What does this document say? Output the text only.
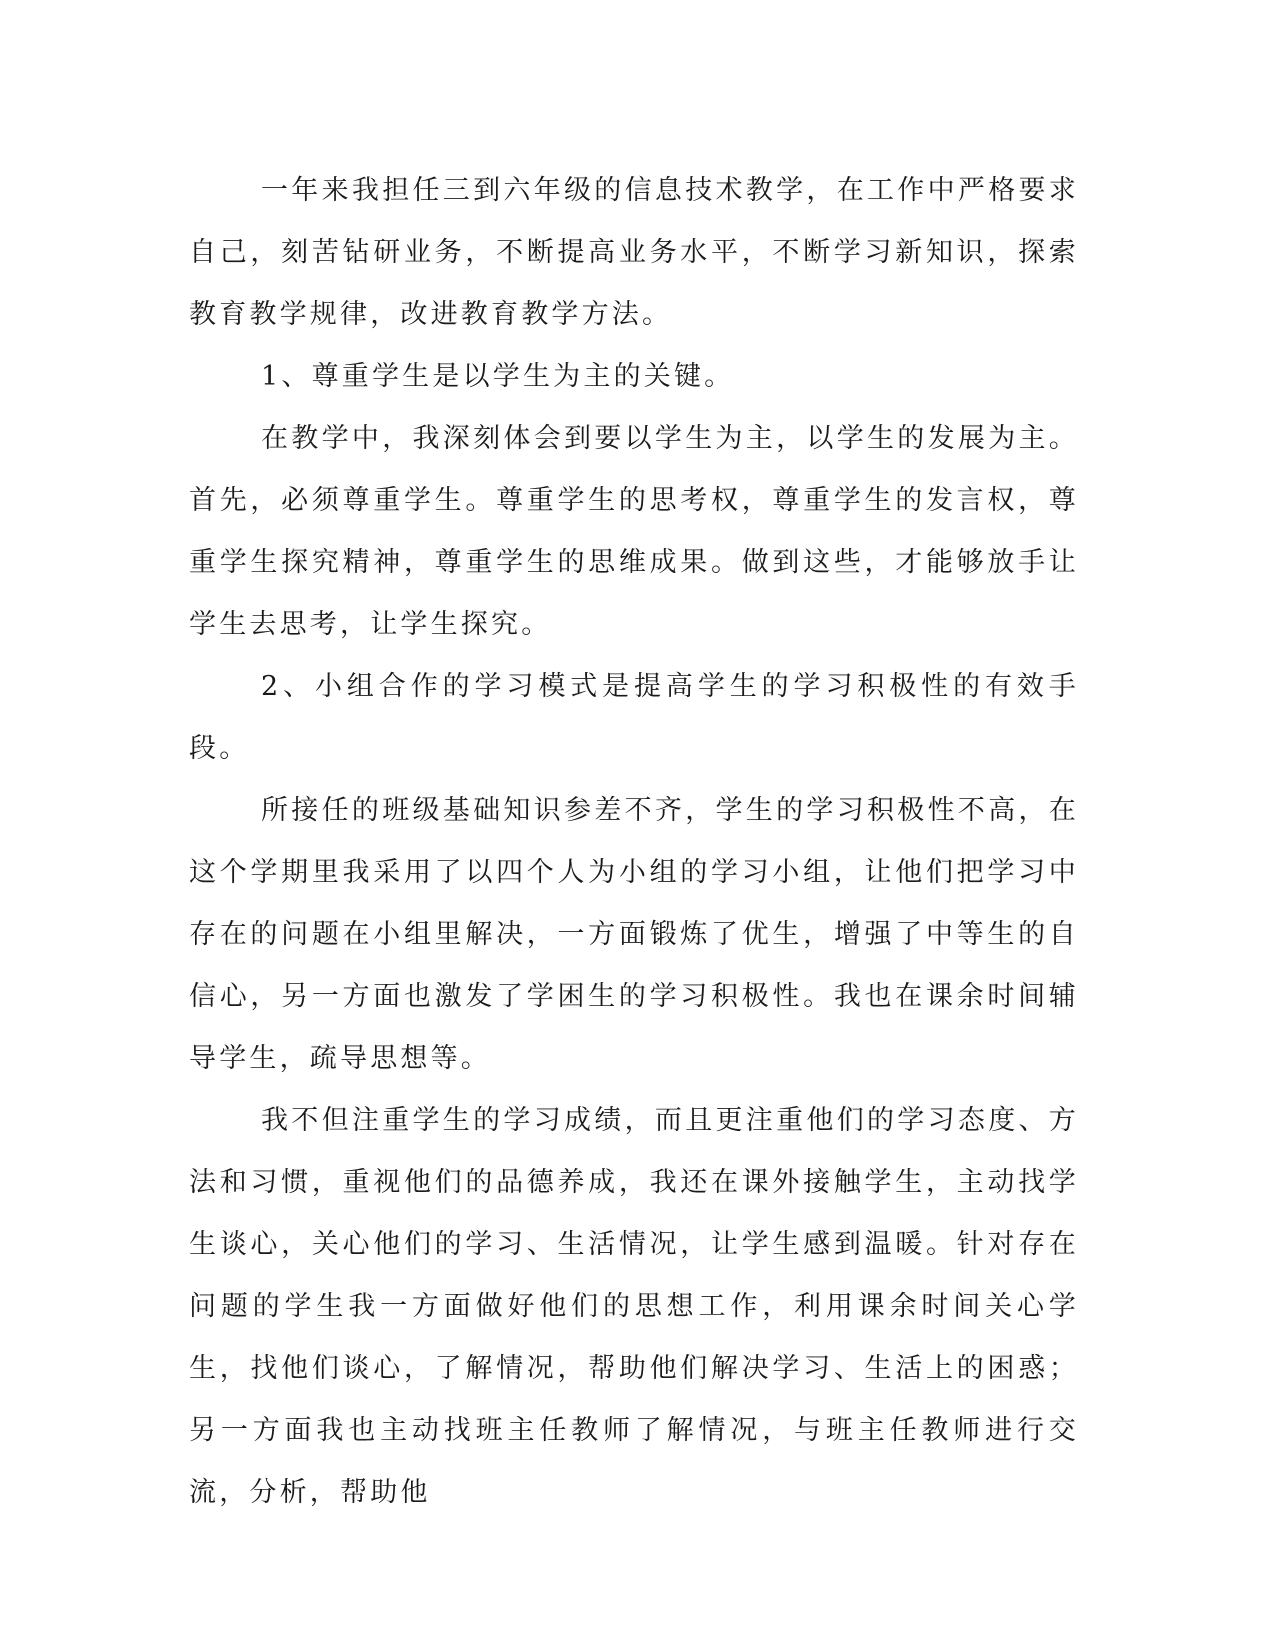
一年来我担任三到六年级的信息技术教学，在工作中严格要求自己，刻苦钻研业务，不断提高业务水平，不断学习新知识，探索教育教学规律，改进教育教学方法。

1、尊重学生是以学生为主的关键。

在教学中，我深刻体会到要以学生为主，以学生的发展为主。首先，必须尊重学生。尊重学生的思考权，尊重学生的发言权，尊重学生探究精神，尊重学生的思维成果。做到这些，才能够放手让学生去思考，让学生探究。

2、小组合作的学习模式是提高学生的学习积极性的有效手段。

所接任的班级基础知识参差不齐，学生的学习积极性不高，在这个学期里我采用了以四个人为小组的学习小组，让他们把学习中存在的问题在小组里解决，一方面锻炼了优生，增强了中等生的自信心，另一方面也激发了学困生的学习积极性。我也在课余时间辅导学生，疏导思想等。

我不但注重学生的学习成绩，而且更注重他们的学习态度、方法和习惯，重视他们的品德养成，我还在课外接触学生，主动找学生谈心，关心他们的学习、生活情况，让学生感到温暖。针对存在问题的学生我一方面做好他们的思想工作，利用课余时间关心学生，找他们谈心，了解情况，帮助他们解决学习、生活上的困惑；另一方面我也主动找班主任教师了解情况，与班主任教师进行交流，分析，帮助他
